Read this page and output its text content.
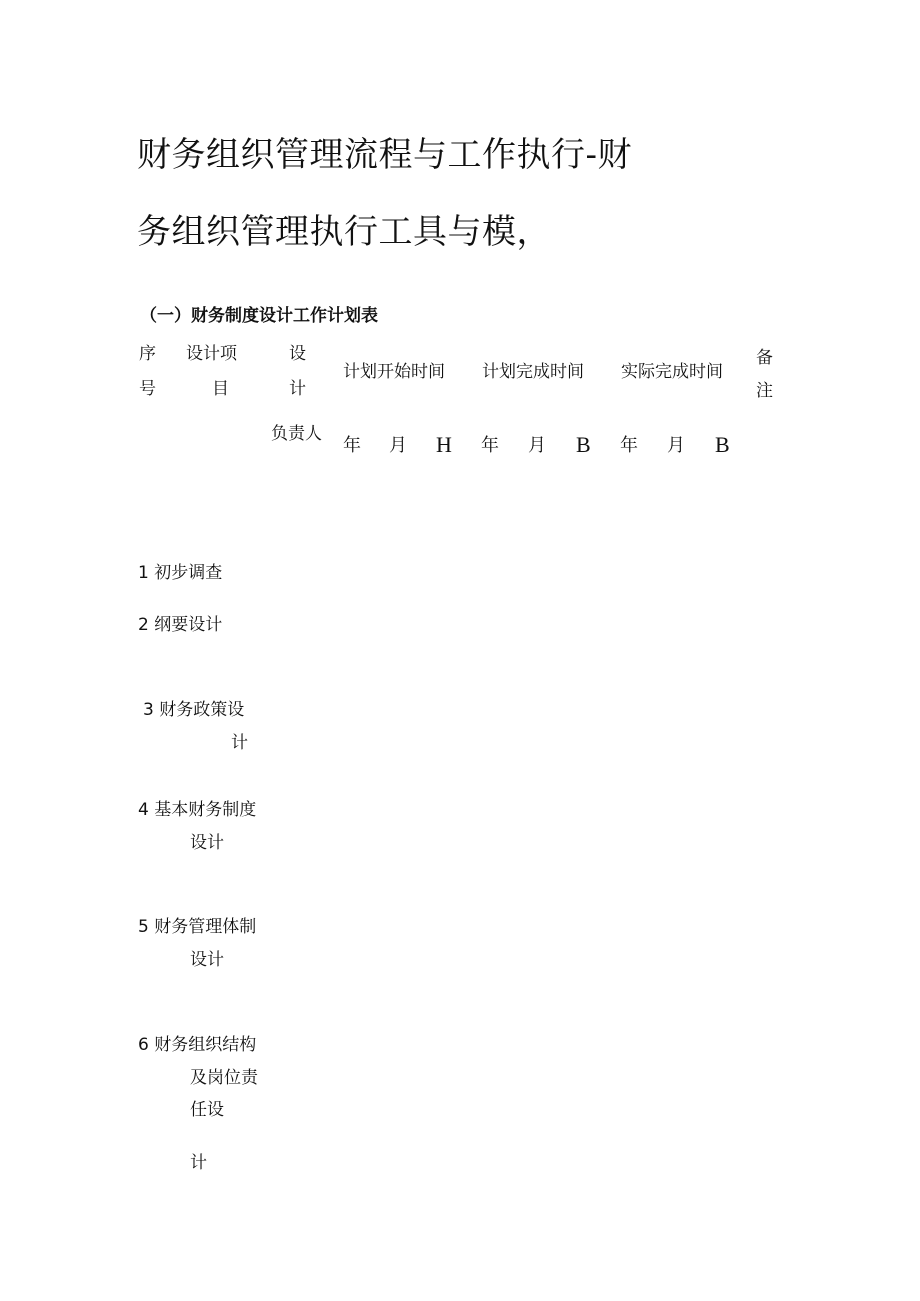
财务组织管理流程与工作执行-财
务组织管理执行工具与模，
（一）财务制度设计工作计划表
序
号
设计项
目
设
计
负责人
计划开始时间 计划完成时间 实际完成时间
备
注
年 月 H 年 月 B 年 月 B
1 初步调查
2 纲要设计
3 财务政策设
计
4 基本财务制度
设计
5 财务管理体制
设计
6 财务组织结构
及岗位责
任设
计
